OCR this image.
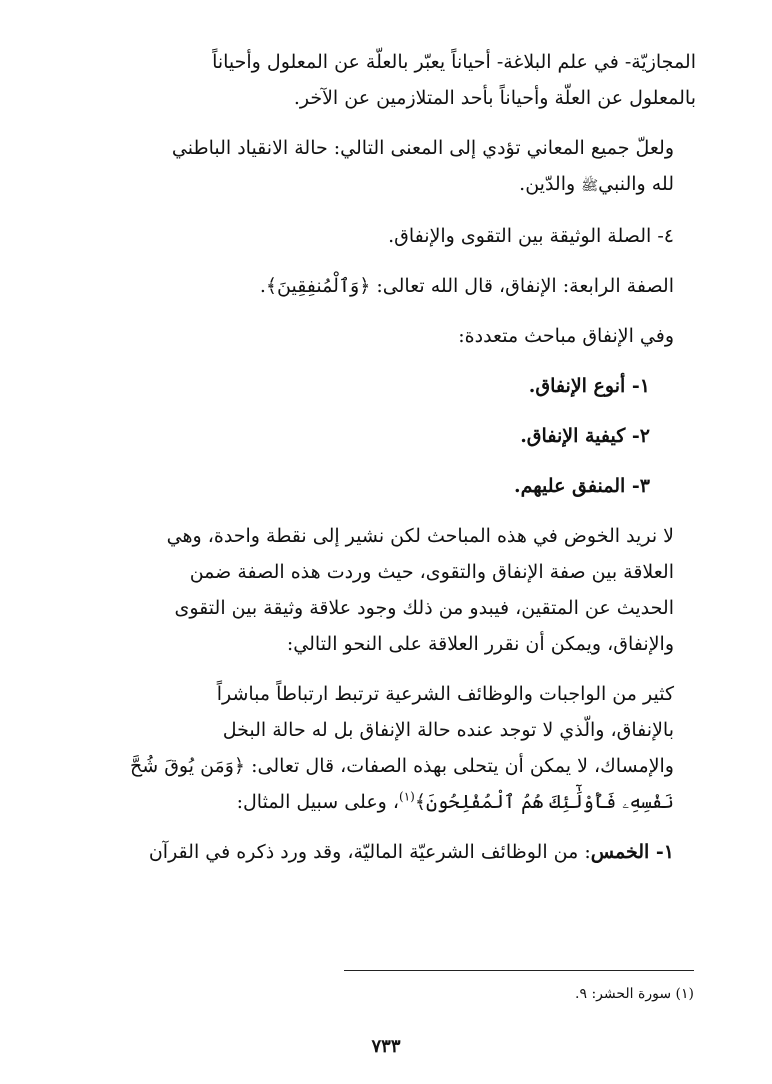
المجازيّة- في علم البلاغة- أحياناً يعبّر بالعلّة عن المعلول وأحياناً
بالمعلول عن العلّة وأحياناً بأحد المتلازمين عن الآخر.

ولعلّ جميع المعاني تؤدي إلى المعنى التالي: حالة الانقياد الباطني
لله والنبيﷺ والدّين.

٤- الصلة الوثيقة بين التقوى والإنفاق.

الصفة الرابعة: الإنفاق، قال الله تعالى: ﴿وَٱلْمُنفِقِينَ﴾.

وفي الإنفاق مباحث متعددة:

١- أنوع الإنفاق.

٢- كيفية الإنفاق.

٣- المنفق عليهم.

لا نريد الخوض في هذه المباحث لكن نشير إلى نقطة واحدة، وهي
العلاقة بين صفة الإنفاق والتقوى، حيث وردت هذه الصفة ضمن
الحديث عن المتقين، فيبدو من ذلك وجود علاقة وثيقة بين التقوى
والإنفاق، ويمكن أن نقرر العلاقة على النحو التالي:

كثير من الواجبات والوظائف الشرعية ترتبط ارتباطاً مباشراً
بالإنفاق، والّذي لا توجد عنده حالة الإنفاق بل له حالة البخل
والإمساك، لا يمكن أن يتحلى بهذه الصفات، قال تعالى: ﴿وَمَن يُوقَ شُحَّ
نَفْسِهِۦ فَأُوْلَٰٓئِكَ هُمُ ٱلْمُفْلِحُونَ﴾$^{(١)}$، وعلى سبيل المثال:

١- الخمس: من الوظائف الشرعيّة الماليّة، وقد ورد ذكره في القرآن

(١) سورة الحشر: ٩.
٧٣٣
